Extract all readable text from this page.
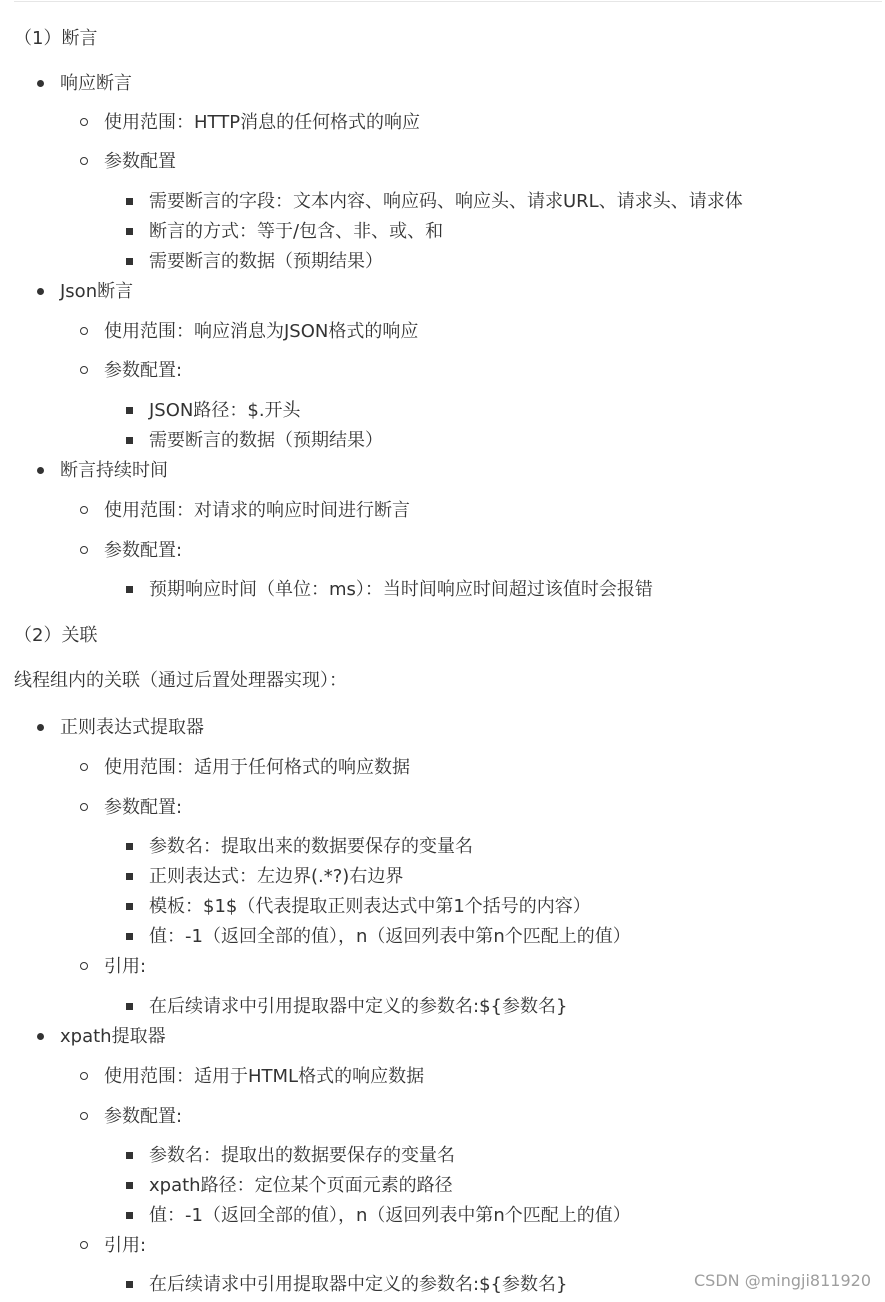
（1）断言
响应断言
使用范围：HTTP消息的任何格式的响应
参数配置
需要断言的字段：文本内容、响应码、响应头、请求URL、请求头、请求体
断言的方式：等于/包含、非、或、和
需要断言的数据（预期结果）
Json断言
使用范围：响应消息为JSON格式的响应
参数配置:
JSON路径：$.开头
需要断言的数据（预期结果）
断言持续时间
使用范围：对请求的响应时间进行断言
参数配置:
预期响应时间（单位：ms）：当时间响应时间超过该值时会报错
（2）关联
线程组内的关联（通过后置处理器实现）：
正则表达式提取器
使用范围：适用于任何格式的响应数据
参数配置:
参数名：提取出来的数据要保存的变量名
正则表达式：左边界(.*?)右边界
模板：$1$（代表提取正则表达式中第1个括号的内容）
值：-1（返回全部的值），n（返回列表中第n个匹配上的值）
引用:
在后续请求中引用提取器中定义的参数名:${参数名}
xpath提取器
使用范围：适用于HTML格式的响应数据
参数配置:
参数名：提取出的数据要保存的变量名
xpath路径：定位某个页面元素的路径
值：-1（返回全部的值），n（返回列表中第n个匹配上的值）
引用:
在后续请求中引用提取器中定义的参数名:${参数名}	CSDN @mingji811920
